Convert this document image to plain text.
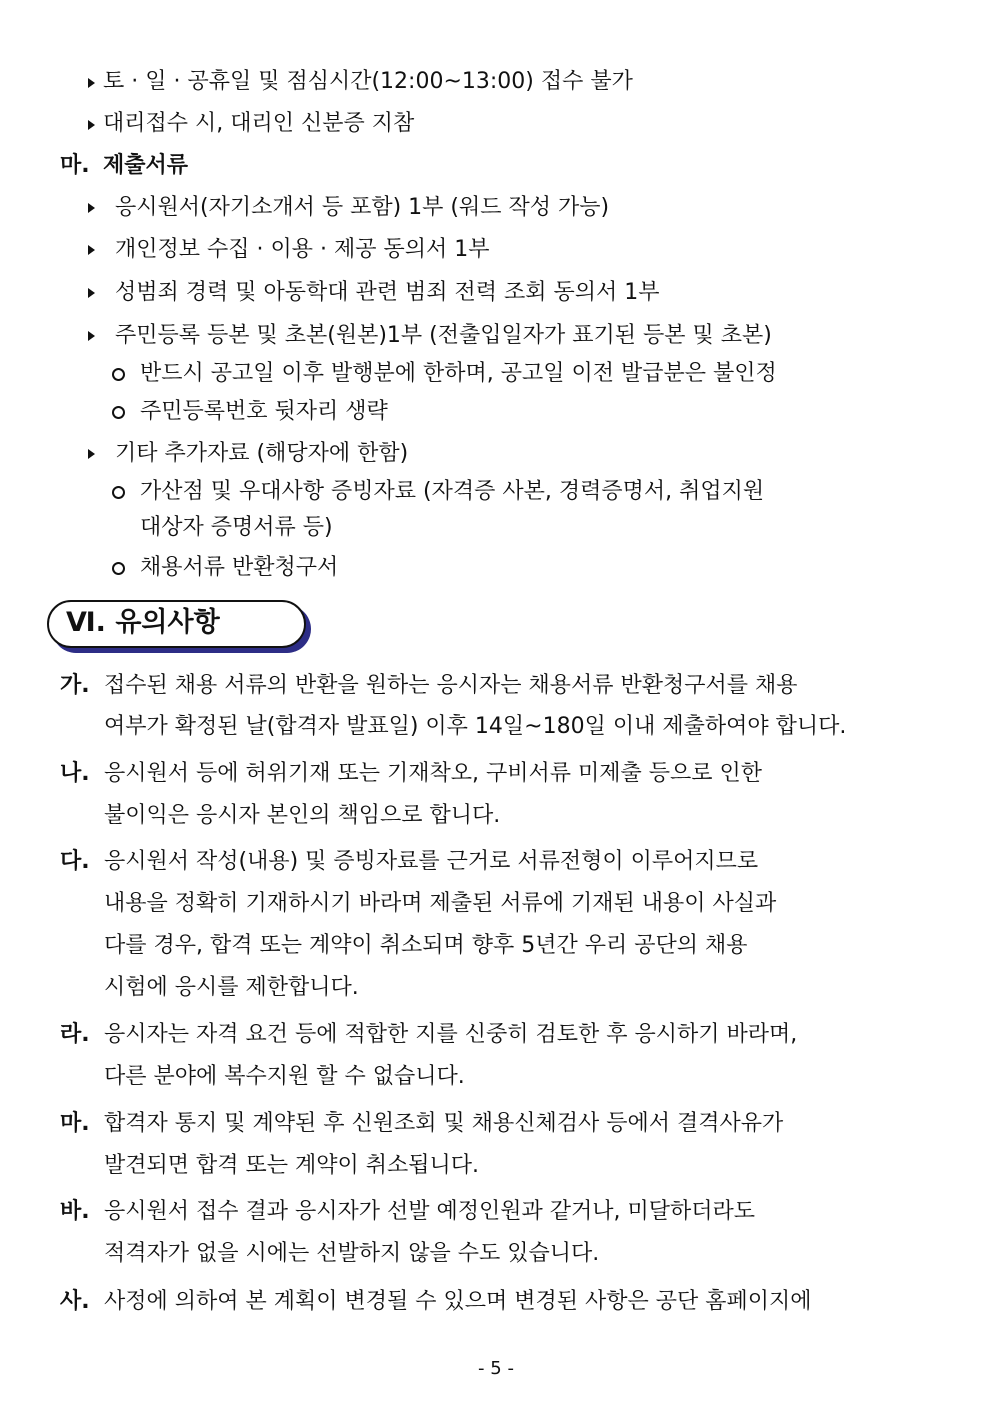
토 · 일 · 공휴일 및 점심시간(12:00~13:00) 접수 불가
대리접수 시, 대리인 신분증 지참
마. 제출서류
응시원서(자기소개서 등 포함) 1부 (워드 작성 가능)
개인정보 수집 · 이용 · 제공 동의서 1부
성범죄 경력 및 아동학대 관련 범죄 전력 조회 동의서 1부
주민등록 등본 및 초본(원본)1부 (전출입일자가 표기된 등본 및 초본)
반드시 공고일 이후 발행분에 한하며, 공고일 이전 발급분은 불인정
주민등록번호 뒷자리 생략
기타 추가자료 (해당자에 한함)
가산점 및 우대사항 증빙자료 (자격증 사본, 경력증명서, 취업지원
대상자 증명서류 등)
채용서류 반환청구서
Ⅵ. 유의사항
가. 접수된 채용 서류의 반환을 원하는 응시자는 채용서류 반환청구서를 채용
여부가 확정된 날(합격자 발표일) 이후 14일~180일 이내 제출하여야 합니다.
나. 응시원서 등에 허위기재 또는 기재착오, 구비서류 미제출 등으로 인한
불이익은 응시자 본인의 책임으로 합니다.
다. 응시원서 작성(내용) 및 증빙자료를 근거로 서류전형이 이루어지므로
내용을 정확히 기재하시기 바라며 제출된 서류에 기재된 내용이 사실과
다를 경우, 합격 또는 계약이 취소되며 향후 5년간 우리 공단의 채용
시험에 응시를 제한합니다.
라. 응시자는 자격 요건 등에 적합한 지를 신중히 검토한 후 응시하기 바라며,
다른 분야에 복수지원 할 수 없습니다.
마. 합격자 통지 및 계약된 후 신원조회 및 채용신체검사 등에서 결격사유가
발견되면 합격 또는 계약이 취소됩니다.
바. 응시원서 접수 결과 응시자가 선발 예정인원과 같거나, 미달하더라도
적격자가 없을 시에는 선발하지 않을 수도 있습니다.
사. 사정에 의하여 본 계획이 변경될 수 있으며 변경된 사항은 공단 홈페이지에
- 5 -
